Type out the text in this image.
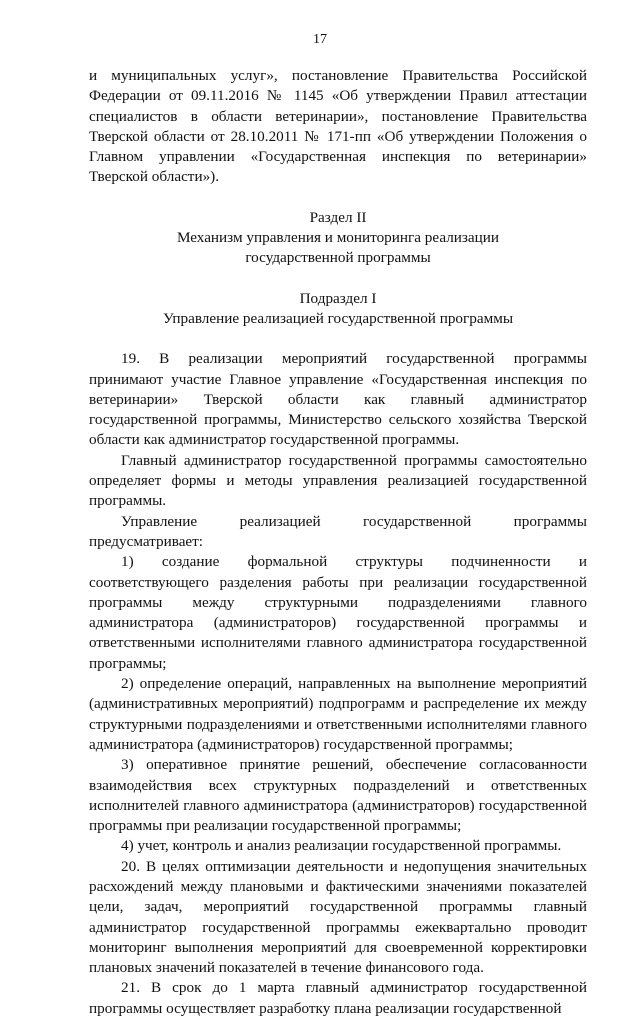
17

и муниципальных услуг», постановление Правительства Российской Федерации от 09.11.2016 № 1145 «Об утверждении Правил аттестации специалистов в области ветеринарии», постановление Правительства Тверской области от 28.10.2011 № 171-пп «Об утверждении Положения о Главном управлении «Государственная инспекция по ветеринарии» Тверской области»).

Раздел II

Механизм управления и мониторинга реализации

государственной программы

Подраздел I

Управление реализацией государственной программы

19. В реализации мероприятий государственной программы принимают участие Главное управление «Государственная инспекция по ветеринарии» Тверской области как главный администратор государственной программы, Министерство сельского хозяйства Тверской области как администратор государственной программы.

Главный администратор государственной программы самостоятельно определяет формы и методы управления реализацией государственной программы.

Управление реализацией государственной программы предусматривает:

1) создание формальной структуры подчиненности и соответствующего разделения работы при реализации государственной программы между структурными подразделениями главного администратора (администраторов) государственной программы и ответственными исполнителями главного администратора государственной программы;

2) определение операций, направленных на выполнение мероприятий (административных мероприятий) подпрограмм и распределение их между структурными подразделениями и ответственными исполнителями главного администратора (администраторов) государственной программы;

3) оперативное принятие решений, обеспечение согласованности взаимодействия всех структурных подразделений и ответственных исполнителей главного администратора (администраторов) государственной программы при реализации государственной программы;

4) учет, контроль и анализ реализации государственной программы.

20. В целях оптимизации деятельности и недопущения значительных расхождений между плановыми и фактическими значениями показателей цели, задач, мероприятий государственной программы главный администратор государственной программы ежеквартально проводит мониторинг выполнения мероприятий для своевременной корректировки плановых значений показателей в течение финансового года.

21. В срок до 1 марта главный администратор государственной программы осуществляет разработку плана реализации государственной
